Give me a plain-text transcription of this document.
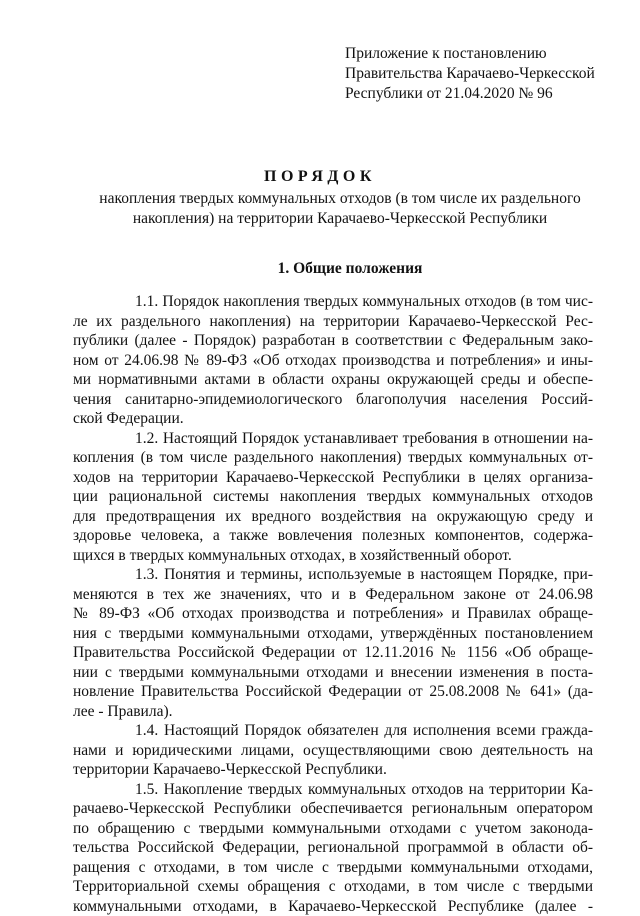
Приложение к постановлению
Правительства Карачаево-Черкесской
Республики от 21.04.2020 № 96
ПОРЯДОК
накопления твердых коммунальных отходов (в том числе их раздельного
накопления) на территории Карачаево-Черкесской Республики
1. Общие положения
1.1. Порядок накопления твердых коммунальных отходов (в том чис-
ле их раздельного накопления) на территории Карачаево-Черкесской Рес-
публики (далее - Порядок) разработан в соответствии с Федеральным зако-
ном от 24.06.98 № 89-ФЗ «Об отходах производства и потребления» и ины-
ми нормативными актами в области охраны окружающей среды и обеспе-
чения санитарно-эпидемиологического благополучия населения Россий-
ской Федерации.
1.2. Настоящий Порядок устанавливает требования в отношении на-
копления (в том числе раздельного накопления) твердых коммунальных от-
ходов на территории Карачаево-Черкесской Республики в целях организа-
ции рациональной системы накопления твердых коммунальных отходов
для предотвращения их вредного воздействия на окружающую среду и
здоровье человека, а также вовлечения полезных компонентов, содержа-
щихся в твердых коммунальных отходах, в хозяйственный оборот.
1.3. Понятия и термины, используемые в настоящем Порядке, при-
меняются в тех же значениях, что и в Федеральном законе от 24.06.98
№ 89-ФЗ «Об отходах производства и потребления» и Правилах обраще-
ния с твердыми коммунальными отходами, утверждённых постановлением
Правительства Российской Федерации от 12.11.2016 № 1156 «Об обраще-
нии с твердыми коммунальными отходами и внесении изменения в поста-
новление Правительства Российской Федерации от 25.08.2008 № 641» (да-
лее - Правила).
1.4. Настоящий Порядок обязателен для исполнения всеми гражда-
нами и юридическими лицами, осуществляющими свою деятельность на
территории Карачаево-Черкесской Республики.
1.5. Накопление твердых коммунальных отходов на территории Ка-
рачаево-Черкесской Республики обеспечивается региональным оператором
по обращению с твердыми коммунальными отходами с учетом законода-
тельства Российской Федерации, региональной программой в области об-
ращения с отходами, в том числе с твердыми коммунальными отходами,
Территориальной схемы обращения с отходами, в том числе с твердыми
коммунальными отходами, в Карачаево-Черкесской Республике (далее -
